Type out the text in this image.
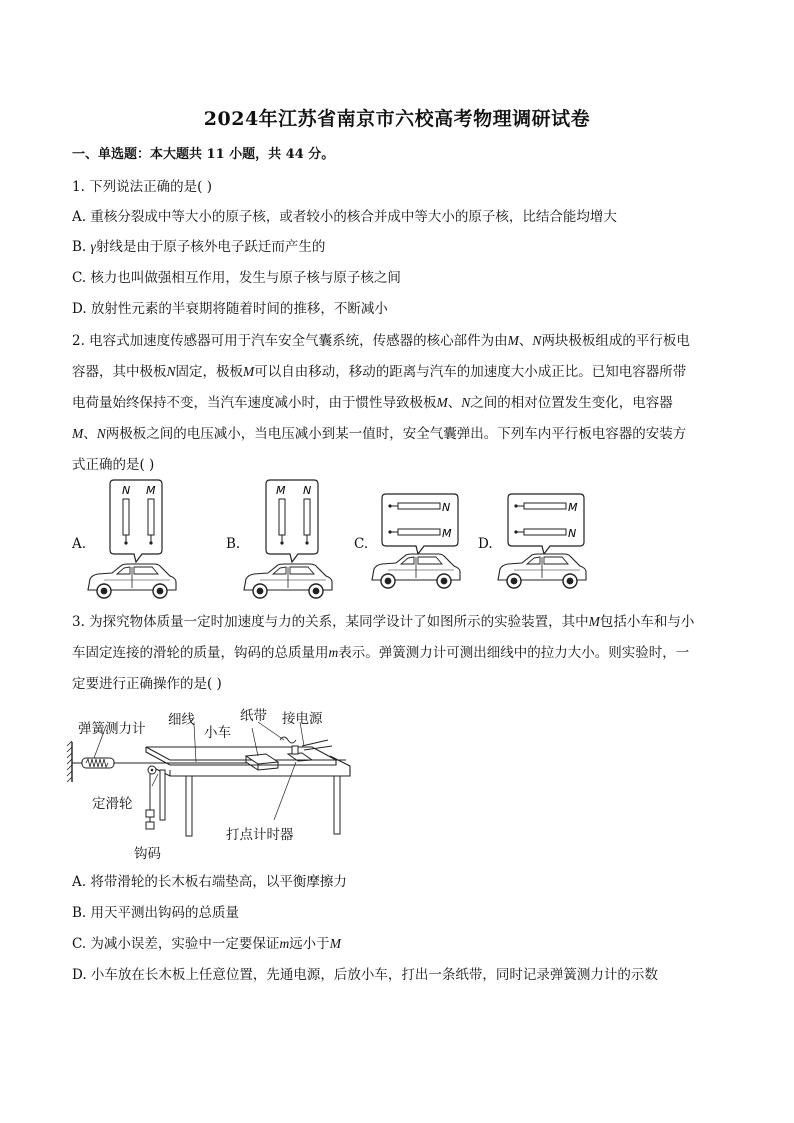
2024年江苏省南京市六校高考物理调研试卷
一、单选题：本大题共 11 小题，共 44 分。
1. 下列说法正确的是( )
A. 重核分裂成中等大小的原子核，或者较小的核合并成中等大小的原子核，比结合能均增大
B. γ射线是由于原子核外电子跃迁而产生的
C. 核力也叫做强相互作用，发生与原子核与原子核之间
D. 放射性元素的半衰期将随着时间的推移，不断减小
2. 电容式加速度传感器可用于汽车安全气囊系统，传感器的核心部件为由M、N两块极板组成的平行板电
容器，其中极板N固定，极板M可以自由移动，移动的距离与汽车的加速度大小成正比。已知电容器所带
电荷量始终保持不变，当汽车速度减小时，由于惯性导致极板M、N之间的相对位置发生变化，电容器
M、N两极板之间的电压减小，当电压减小到某一值时，安全气囊弹出。下列车内平行板电容器的安装方
式正确的是( )
A.	B.	C.	D.
N M	M N
N
M
M
N
3. 为探究物体质量一定时加速度与力的关系，某同学设计了如图所示的实验装置，其中M包括小车和与小
车固定连接的滑轮的质量，钩码的总质量用m表示。弹簧测力计可测出细线中的拉力大小。则实验时，一
定要进行正确操作的是( )
弹簧测力计
细线	纸带 接电源
小车
定滑轮
钩码
打点计时器
A. 将带滑轮的长木板右端垫高，以平衡摩擦力
B. 用天平测出钩码的总质量
C. 为减小误差，实验中一定要保证m远小于M
D. 小车放在长木板上任意位置，先通电源，后放小车，打出一条纸带，同时记录弹簧测力计的示数
